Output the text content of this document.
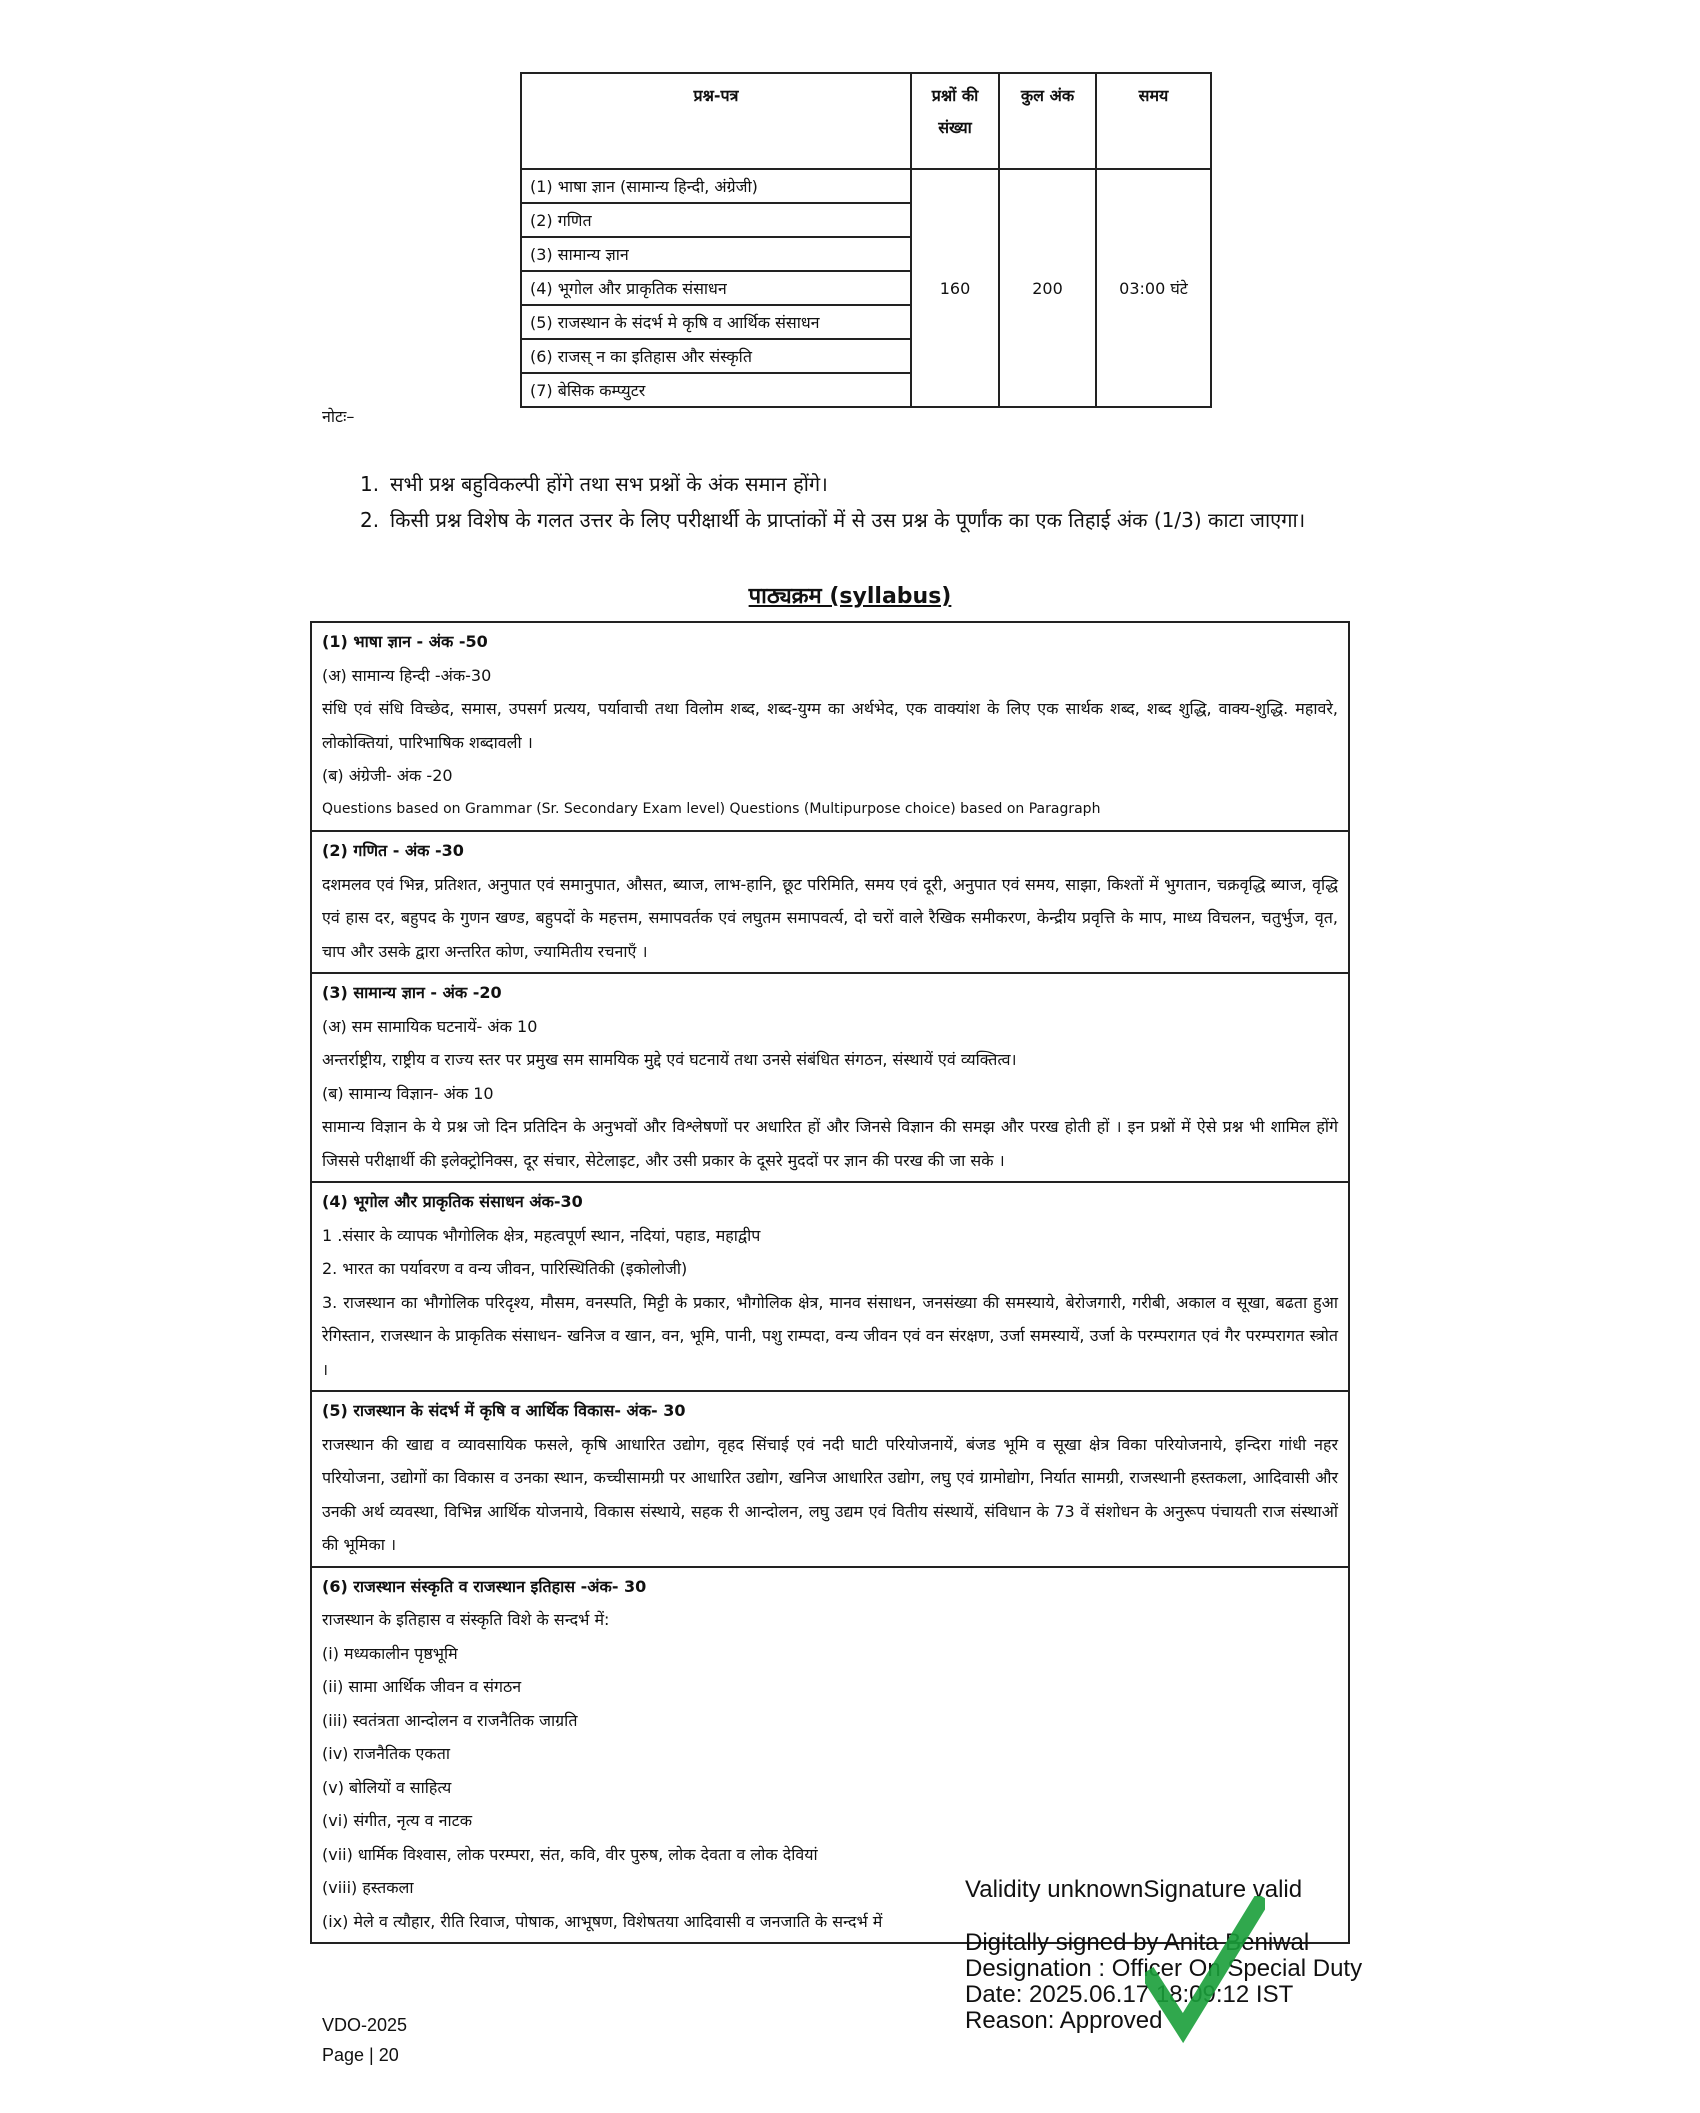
प्रश्न-पत्र	प्रश्नों की संख्या	कुल अंक	समय
(1) भाषा ज्ञान (सामान्य हिन्दी, अंग्रेजी)	160	200	03:00 घंटे
(2) गणित			
(3) सामान्य ज्ञान			
(4) भूगोल और प्राकृतिक संसाधन			
(5) राजस्थान के संदर्भ मे कृषि व आर्थिक संसाधन			
(6) राजस् न का इतिहास और संस्कृति			
(7) बेसिक कम्प्युटर			
नोटः–
1. सभी प्रश्न बहुविकल्पी होंगे तथा सभ प्रश्नों के अंक समान होंगे।
2. किसी प्रश्न विशेष के गलत उत्तर के लिए परीक्षार्थी के प्राप्तांकों में से उस प्रश्न के पूर्णांक का एक तिहाई अंक (1/3) काटा जाएगा।
पाठ्यक्रम (syllabus)
(1) भाषा ज्ञान - अंक -50
(अ) सामान्य हिन्दी -अंक-30
संधि एवं संधि विच्छेद, समास, उपसर्ग प्रत्यय, पर्यावाची तथा विलोम शब्द, शब्द-युग्म का अर्थभेद, एक वाक्यांश के लिए एक सार्थक शब्द, शब्द शुद्धि, वाक्य-शुद्धि. महावरे, लोकोक्तियां, पारिभाषिक शब्दावली ।
(ब) अंग्रेजी- अंक -20
Questions based on Grammar (Sr. Secondary Exam level) Questions (Multipurpose choice) based on Paragraph
(2) गणित - अंक -30
दशमलव एवं भिन्न, प्रतिशत, अनुपात एवं समानुपात, औसत, ब्याज, लाभ-हानि, छूट परिमिति, समय एवं दूरी, अनुपात एवं समय, साझा, किश्तों में भुगतान, चक्रवृद्धि ब्याज, वृद्धि एवं हास दर, बहुपद के गुणन खण्ड, बहुपदों के महत्तम, समापवर्तक एवं लघुतम समापवर्त्य, दो चरों वाले रैखिक समीकरण, केन्द्रीय प्रवृत्ति के माप, माध्य विचलन, चतुर्भुज, वृत, चाप और उसके द्वारा अन्तरित कोण, ज्यामितीय रचनाएँ ।
(3) सामान्य ज्ञान - अंक -20
(अ) सम सामायिक घटनायें- अंक 10
अन्तर्राष्ट्रीय, राष्ट्रीय व राज्य स्तर पर प्रमुख सम सामयिक मुद्दे एवं घटनायें तथा उनसे संबंधित संगठन, संस्थायें एवं व्यक्तित्व।
(ब) सामान्य विज्ञान- अंक 10
सामान्य विज्ञान के ये प्रश्न जो दिन प्रतिदिन के अनुभवों और विश्लेषणों पर अधारित हों और जिनसे विज्ञान की समझ और परख होती हों । इन प्रश्नों में ऐसे प्रश्न भी शामिल होंगे जिससे परीक्षार्थी की इलेक्ट्रोनिक्स, दूर संचार, सेटेलाइट, और उसी प्रकार के दूसरे मुददों पर ज्ञान की परख की जा सके ।
(4) भूगोल और प्राकृतिक संसाधन अंक-30
1 .संसार के व्यापक भौगोलिक क्षेत्र, महत्वपूर्ण स्थान, नदियां, पहाड, महाद्वीप
2. भारत का पर्यावरण व वन्य जीवन, पारिस्थितिकी (इकोलोजी)
3. राजस्थान का भौगोलिक परिदृश्य, मौसम, वनस्पति, मिट्टी के प्रकार, भौगोलिक क्षेत्र, मानव संसाधन, जनसंख्या की समस्याये, बेरोजगारी, गरीबी, अकाल व सूखा, बढता हुआ रेगिस्तान, राजस्थान के प्राकृतिक संसाधन- खनिज व खान, वन, भूमि, पानी, पशु राम्पदा, वन्य जीवन एवं वन संरक्षण, उर्जा समस्यायें, उर्जा के परम्परागत एवं गैर परम्परागत स्त्रोत ।
(5) राजस्थान के संदर्भ में कृषि व आर्थिक विकास- अंक- 30
राजस्थान की खाद्य व व्यावसायिक फसले, कृषि आधारित उद्योग, वृहद सिंचाई एवं नदी घाटी परियोजनायें, बंजड भूमि व सूखा क्षेत्र विका परियोजनाये, इन्दिरा गांधी नहर परियोजना, उद्योगों का विकास व उनका स्थान, कच्चीसामग्री पर आधारित उद्योग, खनिज आधारित उद्योग, लघु एवं ग्रामोद्योग, निर्यात सामग्री, राजस्थानी हस्तकला, आदिवासी और उनकी अर्थ व्यवस्था, विभिन्न आर्थिक योजनाये, विकास संस्थाये, सहक री आन्दोलन, लघु उद्यम एवं वितीय संस्थायें, संविधान के 73 वें संशोधन के अनुरूप पंचायती राज संस्थाओं की भूमिका ।
(6) राजस्थान संस्कृति व राजस्थान इतिहास -अंक- 30
राजस्थान के इतिहास व संस्कृति विशे के सन्दर्भ में:
(i) मध्यकालीन पृष्ठभूमि
(ii) सामा आर्थिक जीवन व संगठन
(iii) स्वतंत्रता आन्दोलन व राजनैतिक जाग्रति
(iv) राजनैतिक एकता
(v) बोलियों व साहित्य
(vi) संगीत, नृत्य व नाटक
(vii) धार्मिक विश्वास, लोक परम्परा, संत, कवि, वीर पुरुष, लोक देवता व लोक देवियां
(viii) हस्तकला
(ix) मेले व त्यौहार, रीति रिवाज, पोषाक, आभूषण, विशेषतया आदिवासी व जनजाति के सन्दर्भ में
Validity unknownSignature valid
Digitally signed by Anita Beniwal
Designation : Officer On Special Duty
Date: 2025.06.17 18:09:12 IST
Reason: Approved
VDO-2025
Page | 20
